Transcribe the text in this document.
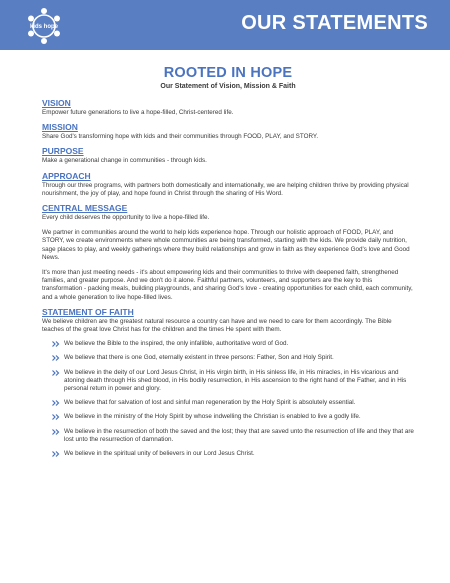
kids hope	OUR STATEMENTS
ROOTED IN HOPE
Our Statement of Vision, Mission & Faith
VISION
Empower future generations to live a hope-filled, Christ-centered life.
MISSION
Share God's transforming hope with kids and their communities through FOOD, PLAY, and STORY.
PURPOSE
Make a generational change in communities - through kids.
APPROACH
Through our three programs, with partners both domestically and internationally, we are helping children thrive by providing physical nourishment, the joy of play, and hope found in Christ through the sharing of His Word.
CENTRAL MESSAGE
Every child deserves the opportunity to live a hope-filled life.
We partner in communities around the world to help kids experience hope. Through our holistic approach of FOOD, PLAY, and STORY, we create environments where whole communities are being transformed, starting with the kids. We provide daily nutrition, sage places to play, and weekly gatherings where they build relationships and grow in faith as they experience God's love and Good News.
It's more than just meeting needs - it's about empowering kids and their communities to thrive with deepened faith, strengthened families, and greater purpose. And we don't do it alone. Faithful partners, volunteers, and supporters are the key to this transformation - packing meals, building playgrounds, and sharing God's love - creating opportunities for each child, each community, and a whole generation to live hope-filled lives.
STATEMENT OF FAITH
We believe children are the greatest natural resource a country can have and we need to care for them accordingly. The Bible teaches of the great love Christ has for the children and the times He spent with them.
We believe the Bible to the inspired, the only infallible, authoritative word of God.
We believe that there is one God, eternally existent in three persons: Father, Son and Holy Spirit.
We believe in the deity of our Lord Jesus Christ, in His virgin birth, in His sinless life, in His miracles, in His vicarious and atoning death through His shed blood, in His bodily resurrection, in His ascension to the right hand of the Father, and in His personal return in power and glory.
We believe that for salvation of lost and sinful man regeneration by the Holy Spirit is absolutely essential.
We believe in the ministry of the Holy Spirit by whose indwelling the Christian is enabled to live a godly life.
We believe in the resurrection of both the saved and the lost; they that are saved unto the resurrection of life and they that are lost unto the resurrection of damnation.
We believe in the spiritual unity of believers in our Lord Jesus Christ.
